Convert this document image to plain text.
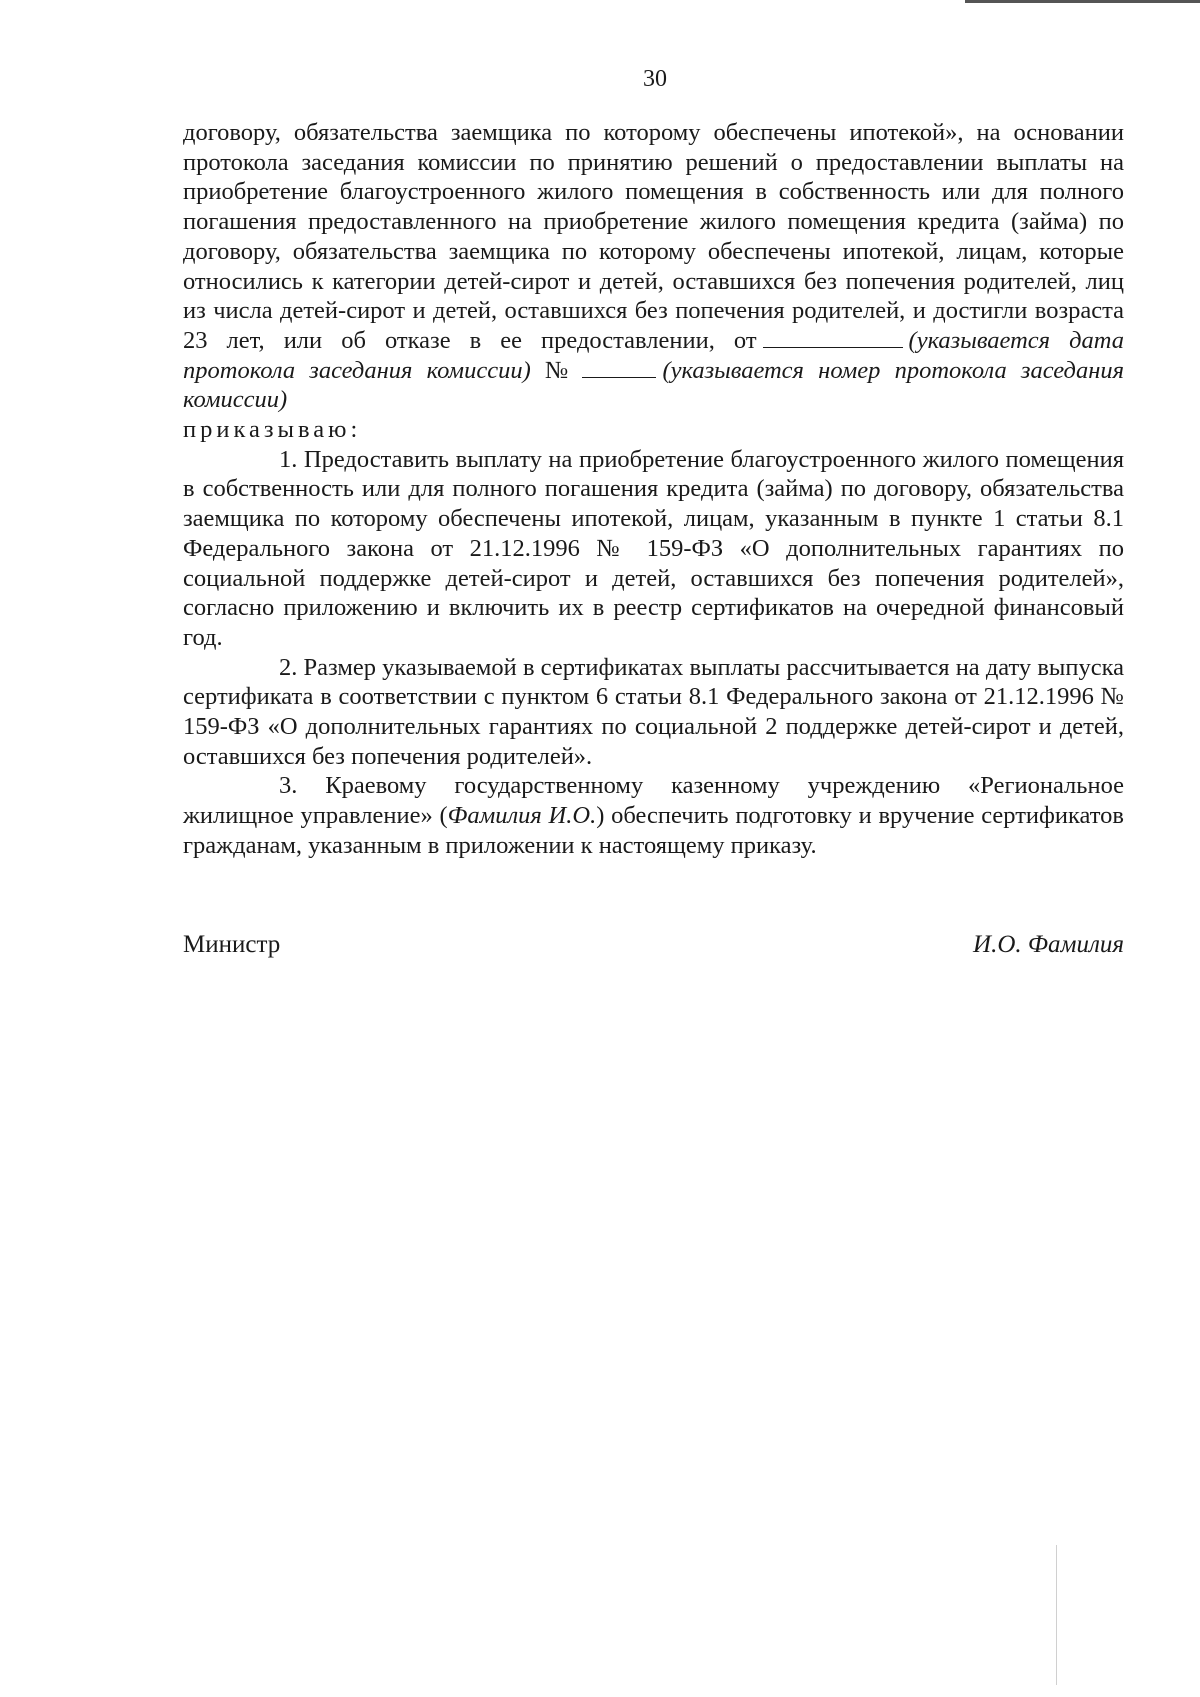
30

договору, обязательства заемщика по которому обеспечены ипотекой», на основании протокола заседания комиссии по принятию решений о предоставлении выплаты на приобретение благоустроенного жилого помещения в собственность или для полного погашения предоставленного на приобретение жилого помещения кредита (займа) по договору, обязательства заемщика по которому обеспечены ипотекой, лицам, которые относились к категории детей-сирот и детей, оставшихся без попечения родителей, лиц из числа детей-сирот и детей, оставшихся без попечения родителей, и достигли возраста 23 лет, или об отказе в ее предоставлении, от	(указывается дата протокола заседания комиссии) №	(указывается номер протокола заседания комиссии)

приказываю:

1. Предоставить выплату на приобретение благоустроенного жилого помещения в собственность или для полного погашения кредита (займа) по договору, обязательства заемщика по которому обеспечены ипотекой, лицам, указанным в пункте 1 статьи 8.1 Федерального закона от 21.12.1996 № 159-ФЗ «О дополнительных гарантиях по социальной поддержке детей-сирот и детей, оставшихся без попечения родителей», согласно приложению и включить их в реестр сертификатов на очередной финансовый год.

2. Размер указываемой в сертификатах выплаты рассчитывается на дату выпуска сертификата в соответствии с пунктом 6 статьи 8.1 Федерального закона от 21.12.1996 № 159-ФЗ «О дополнительных гарантиях по социальной 2 поддержке детей-сирот и детей, оставшихся без попечения родителей».

3. Краевому государственному казенному учреждению «Региональное жилищное управление» (Фамилия И.О.) обеспечить подготовку и вручение сертификатов гражданам, указанным в приложении к настоящему приказу.

Министр	И.О. Фамилия
